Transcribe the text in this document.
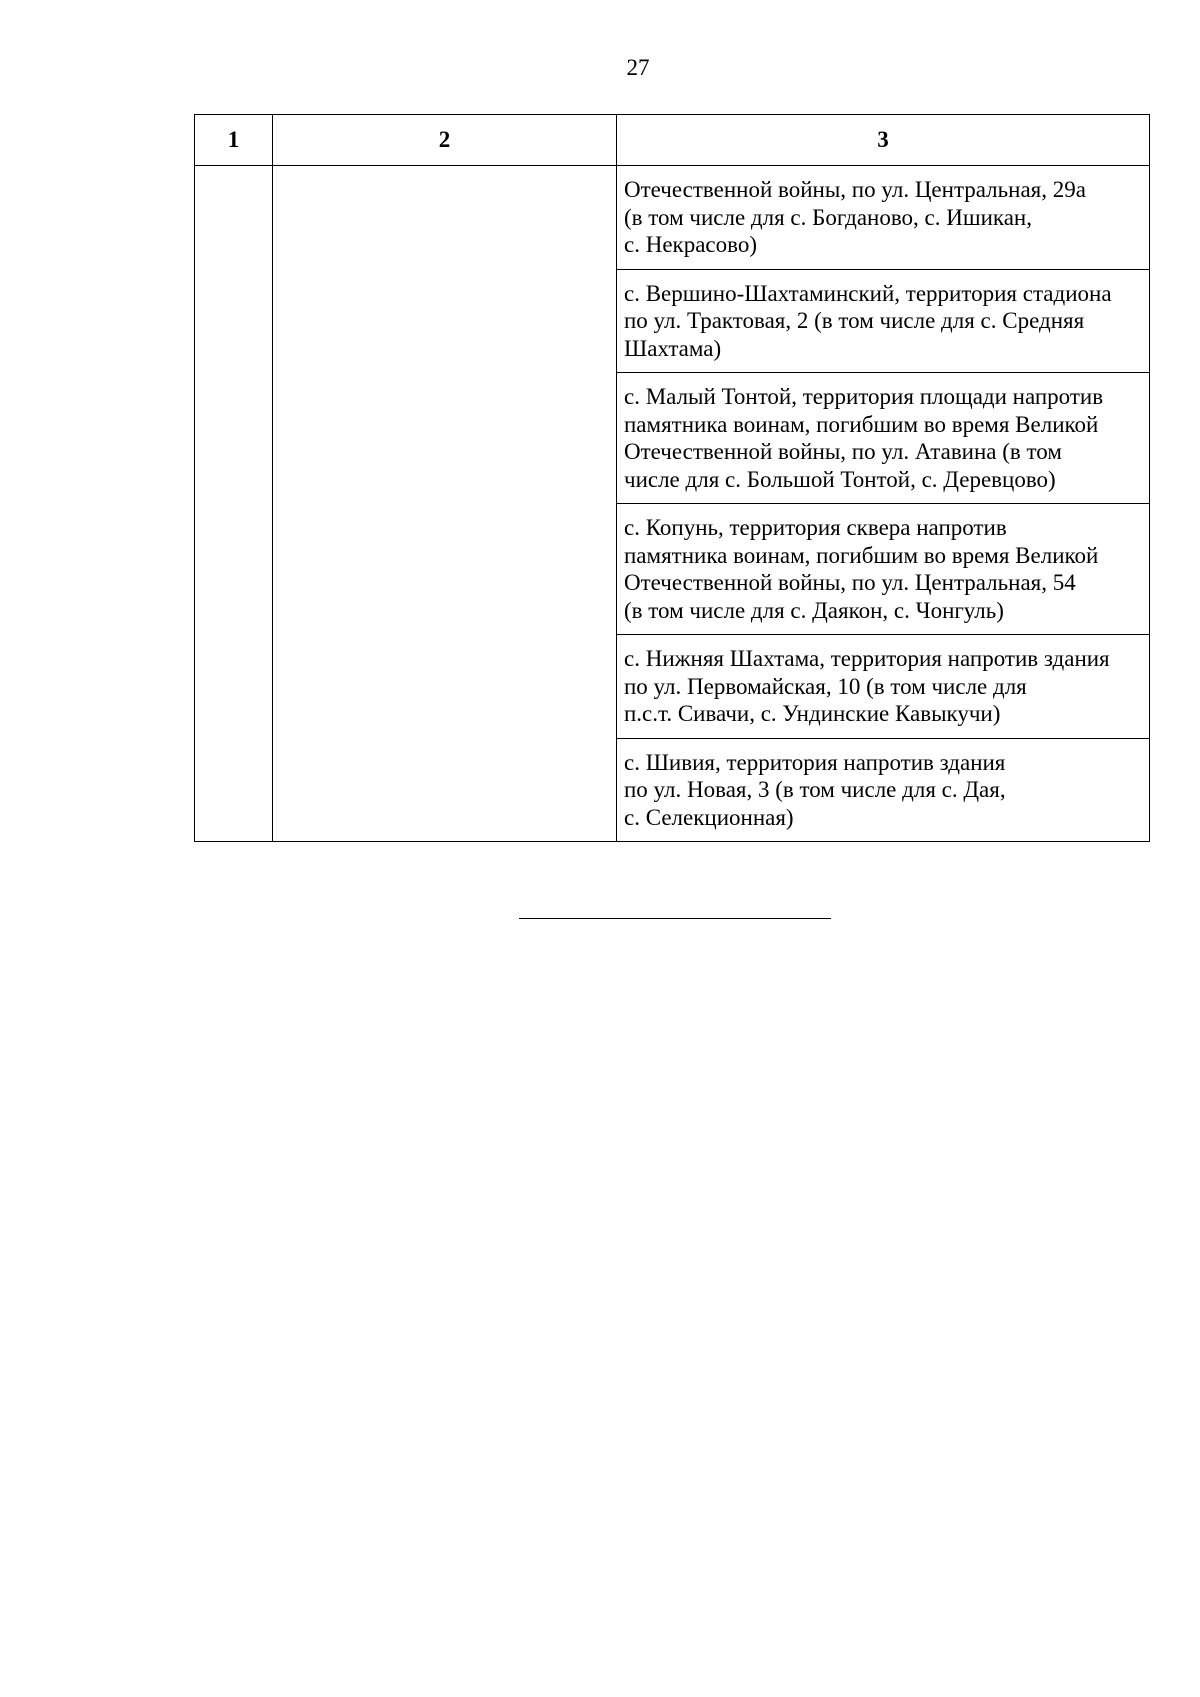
27
1	2	3

		Отечественной войны, по ул. Центральная, 29а
(в том числе для с. Богданово, с. Ишикан,
с. Некрасово)

		с. Вершино-Шахтаминский, территория стадиона
по ул. Трактовая, 2 (в том числе для с. Средняя
Шахтама)

		с. Малый Тонтой, территория площади напротив
памятника воинам, погибшим во время Великой
Отечественной войны, по ул. Атавина (в том
числе для с. Большой Тонтой, с. Деревцово)

		с. Копунь, территория сквера напротив
памятника воинам, погибшим во время Великой
Отечественной войны, по ул. Центральная, 54
(в том числе для с. Даякон, с. Чонгуль)

		с. Нижняя Шахтама, территория напротив здания
по ул. Первомайская, 10 (в том числе для
п.с.т. Сивачи, с. Ундинские Кавыкучи)

		с. Шивия, территория напротив здания
по ул. Новая, 3 (в том числе для с. Дая,
с. Селекционная)
